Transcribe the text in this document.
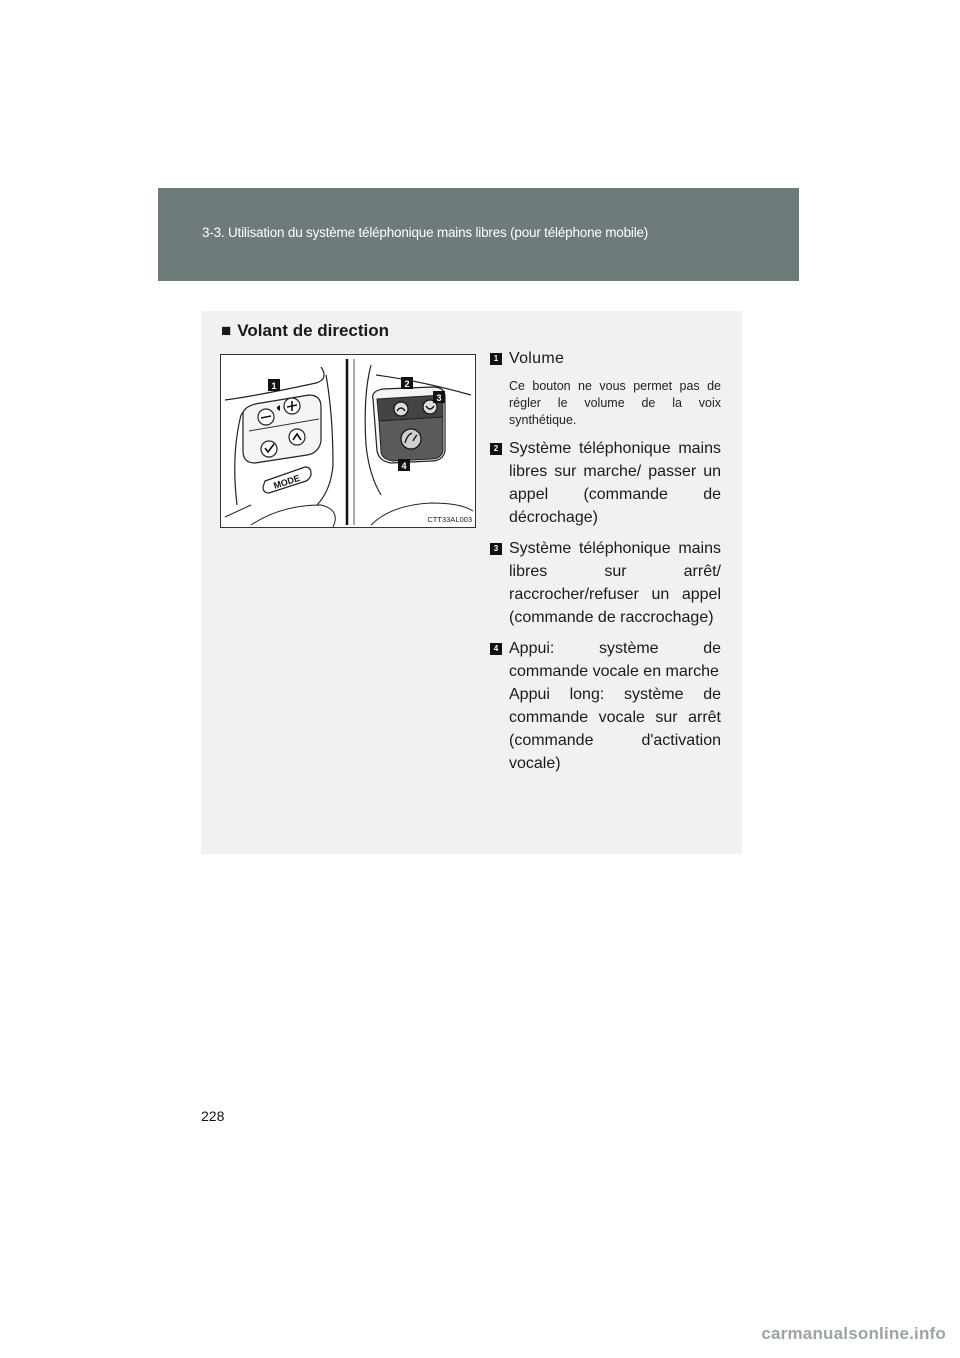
3-3. Utilisation du système téléphonique mains libres (pour téléphone mobile)
■ Volant de direction
MODE
1	2
3
4
CTT33AL003
1 Volume
Ce bouton ne vous permet pas de régler le volume de la voix synthétique.
2 Système téléphonique mains libres sur marche/ passer un appel (commande de décrochage)
3 Système téléphonique mains libres sur arrêt/ raccrocher/refuser un appel (commande de raccrochage)
4 Appui: système de commande vocale en marche
Appui long: système de commande vocale sur arrêt (commande d'activation vocale)
228
carmanualsonline.info
